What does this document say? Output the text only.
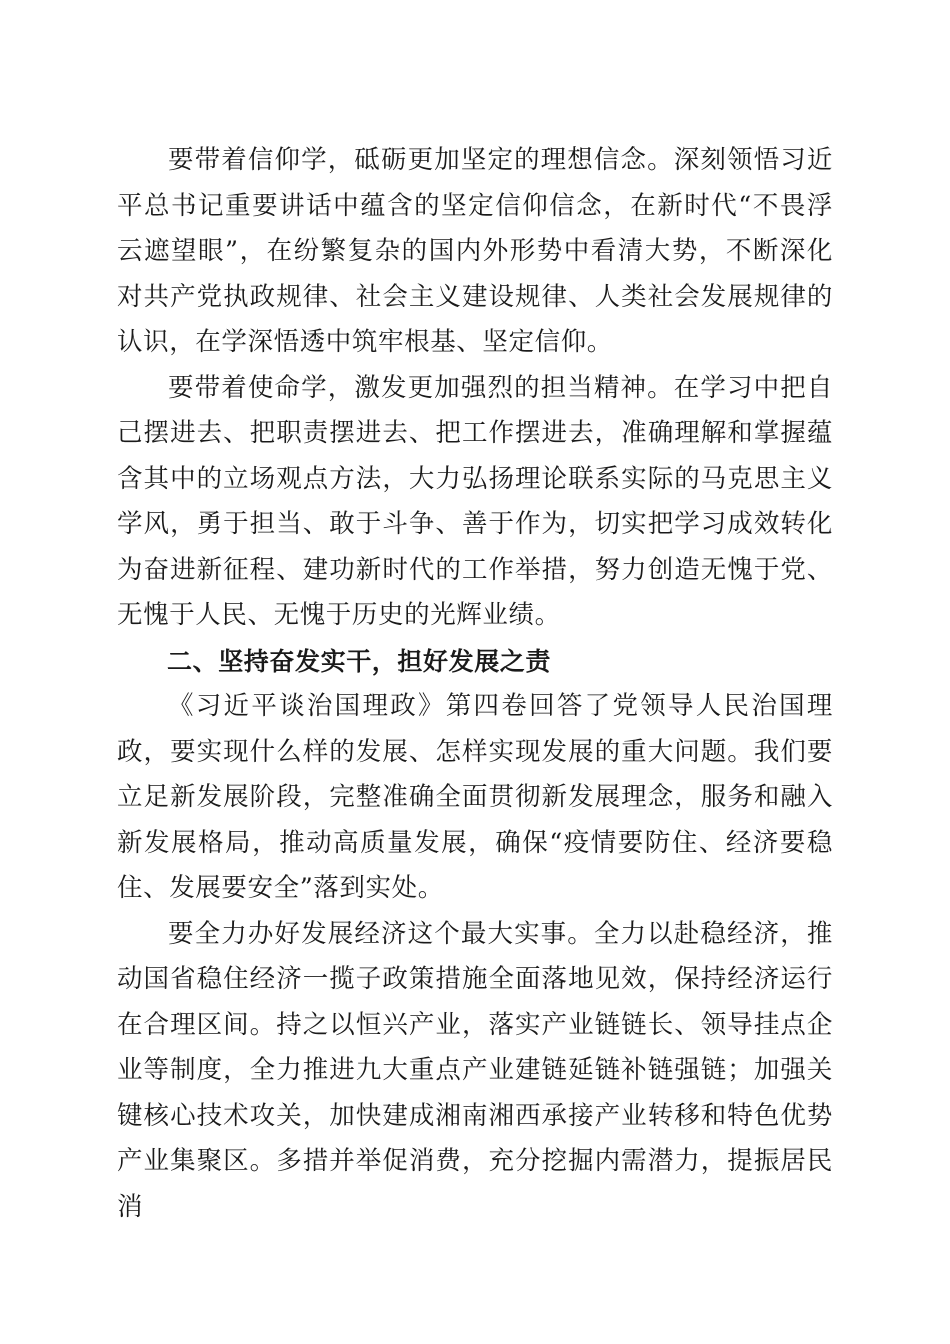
要带着信仰学，砥砺更加坚定的理想信念。深刻领悟习近平总书记重要讲话中蕴含的坚定信仰信念，在新时代“不畏浮云遮望眼”，在纷繁复杂的国内外形势中看清大势，不断深化对共产党执政规律、社会主义建设规律、人类社会发展规律的认识，在学深悟透中筑牢根基、坚定信仰。

要带着使命学，激发更加强烈的担当精神。在学习中把自己摆进去、把职责摆进去、把工作摆进去，准确理解和掌握蕴含其中的立场观点方法，大力弘扬理论联系实际的马克思主义学风，勇于担当、敢于斗争、善于作为，切实把学习成效转化为奋进新征程、建功新时代的工作举措，努力创造无愧于党、无愧于人民、无愧于历史的光辉业绩。

二、坚持奋发实干，担好发展之责

《习近平谈治国理政》第四卷回答了党领导人民治国理政，要实现什么样的发展、怎样实现发展的重大问题。我们要立足新发展阶段，完整准确全面贯彻新发展理念，服务和融入新发展格局，推动高质量发展，确保“疫情要防住、经济要稳住、发展要安全”落到实处。

要全力办好发展经济这个最大实事。全力以赴稳经济，推动国省稳住经济一揽子政策措施全面落地见效，保持经济运行在合理区间。持之以恒兴产业，落实产业链链长、领导挂点企业等制度，全力推进九大重点产业建链延链补链强链；加强关键核心技术攻关，加快建成湘南湘西承接产业转移和特色优势产业集聚区。多措并举促消费，充分挖掘内需潜力，提振居民消
